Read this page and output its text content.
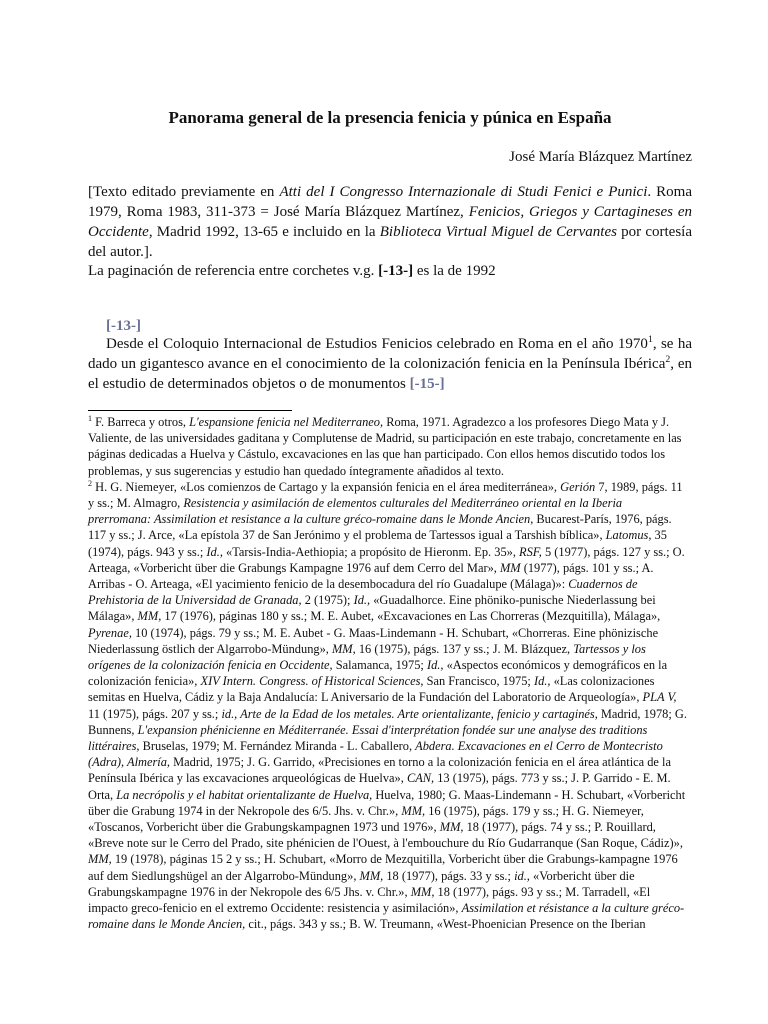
Panorama general de la presencia fenicia y púnica en España
José María Blázquez Martínez

[Texto editado previamente en Atti del I Congresso Internazionale di Studi Fenici e Punici. Roma 1979, Roma 1983, 311-373 = José María Blázquez Martínez, Fenicios, Griegos y Cartagineses en Occidente, Madrid 1992, 13-65 e incluido en la Biblioteca Virtual Miguel de Cervantes por cortesía del autor.].

La paginación de referencia entre corchetes v.g. [-13-] es la de 1992
[-13-]

Desde el Coloquio Internacional de Estudios Fenicios celebrado en Roma en el año 1970$^1$, se ha dado un gigantesco avance en el conocimiento de la colonización fenicia en la Península Ibérica$^2$, en el estudio de determinados objetos o de monumentos [-15-]

$^1$ F. Barreca y otros, L'espansione fenicia nel Mediterraneo, Roma, 1971. Agradezco a los profesores Diego Mata y J. Valiente, de las universidades gaditana y Complutense de Madrid, su participación en este trabajo, concretamente en las páginas dedicadas a Huelva y Cástulo, excavaciones en las que han participado. Con ellos hemos discutido todos los problemas, y sus sugerencias y estudio han quedado íntegramente añadidos al texto.

$^2$ H. G. Niemeyer, «Los comienzos de Cartago y la expansión fenicia en el área mediterránea», Gerión 7, 1989, págs. 11 y ss.; M. Almagro, Resistencia y asimilación de elementos culturales del Mediterráneo oriental en la Iberia prerromana: Assimilation et resistance a la culture gréco-romaine dans le Monde Ancien, Bucarest-París, 1976, págs. 117 y ss.; J. Arce, «La epístola 37 de San Jerónimo y el problema de Tartessos igual a Tarshish bíblica», Latomus, 35 (1974), págs. 943 y ss.; Id., «Tarsis-India-Aethiopia; a propósito de Hieronm. Ep. 35», RSF, 5 (1977), págs. 127 y ss.; O. Arteaga, «Vorbericht über die Grabungs Kampagne 1976 auf dem Cerro del Mar», MM (1977), págs. 101 y ss.; A. Arribas - O. Arteaga, «El yacimiento fenicio de la desembocadura del río Guadalupe (Málaga)»: Cuadernos de Prehistoria de la Universidad de Granada, 2 (1975); Id., «Guadalhorce. Eine phöniko-punische Niederlassung bei Málaga», MM, 17 (1976), páginas 180 y ss.; M. E. Aubet, «Excavaciones en Las Chorreras (Mezquitilla), Málaga», Pyrenae, 10 (1974), págs. 79 y ss.; M. E. Aubet - G. Maas-Lindemann - H. Schubart, «Chorreras. Eine phönizische Niederlassung östlich der Algarrobo-Mündung», MM, 16 (1975), págs. 137 y ss.; J. M. Blázquez, Tartessos y los orígenes de la colonización fenicia en Occidente, Salamanca, 1975; Id., «Aspectos económicos y demográficos en la colonización fenicia», XIV Intern. Congress. of Historical Sciences, San Francisco, 1975; Id., «Las colonizaciones semitas en Huelva, Cádiz y la Baja Andalucía: L Aniversario de la Fundación del Laboratorio de Arqueología», PLA V, 11 (1975), págs. 207 y ss.; id., Arte de la Edad de los metales. Arte orientalizante, fenicio y cartaginés, Madrid, 1978; G. Bunnens, L'expansion phénicienne en Méditerranée. Essai d'interprétation fondée sur une analyse des traditions littéraires, Bruselas, 1979; M. Fernández Miranda - L. Caballero, Abdera. Excavaciones en el Cerro de Montecristo (Adra), Almería, Madrid, 1975; J. G. Garrido, «Precisiones en torno a la colonización fenicia en el área atlántica de la Península Ibérica y las excavaciones arqueológicas de Huelva», CAN, 13 (1975), págs. 773 y ss.; J. P. Garrido - E. M. Orta, La necrópolis y el habitat orientalizante de Huelva, Huelva, 1980; G. Maas-Lindemann - H. Schubart, «Vorbericht über die Grabung 1974 in der Nekropole des 6/5. Jhs. v. Chr.», MM, 16 (1975), págs. 179 y ss.; H. G. Niemeyer, «Toscanos, Vorbericht über die Grabungskampagnen 1973 und 1976», MM, 18 (1977), págs. 74 y ss.; P. Rouillard, «Breve note sur le Cerro del Prado, site phénicien de l'Ouest, à l'embouchure du Río Gudarranque (San Roque, Cádiz)», MM, 19 (1978), páginas 15 2 y ss.; H. Schubart, «Morro de Mezquitilla, Vorbericht über die Grabungs-kampagne 1976 auf dem Siedlungshügel an der Algarrobo-Mündung», MM, 18 (1977), págs. 33 y ss.; id., «Vorbericht über die Grabungskampagne 1976 in der Nekropole des 6/5 Jhs. v. Chr.», MM, 18 (1977), págs. 93 y ss.; M. Tarradell, «El impacto greco-fenicio en el extremo Occidente: resistencia y asimilación», Assimilation et résistance a la culture gréco-romaine dans le Monde Ancien, cit., págs. 343 y ss.; B. W. Treumann, «West-Phoenician Presence on the Iberian
